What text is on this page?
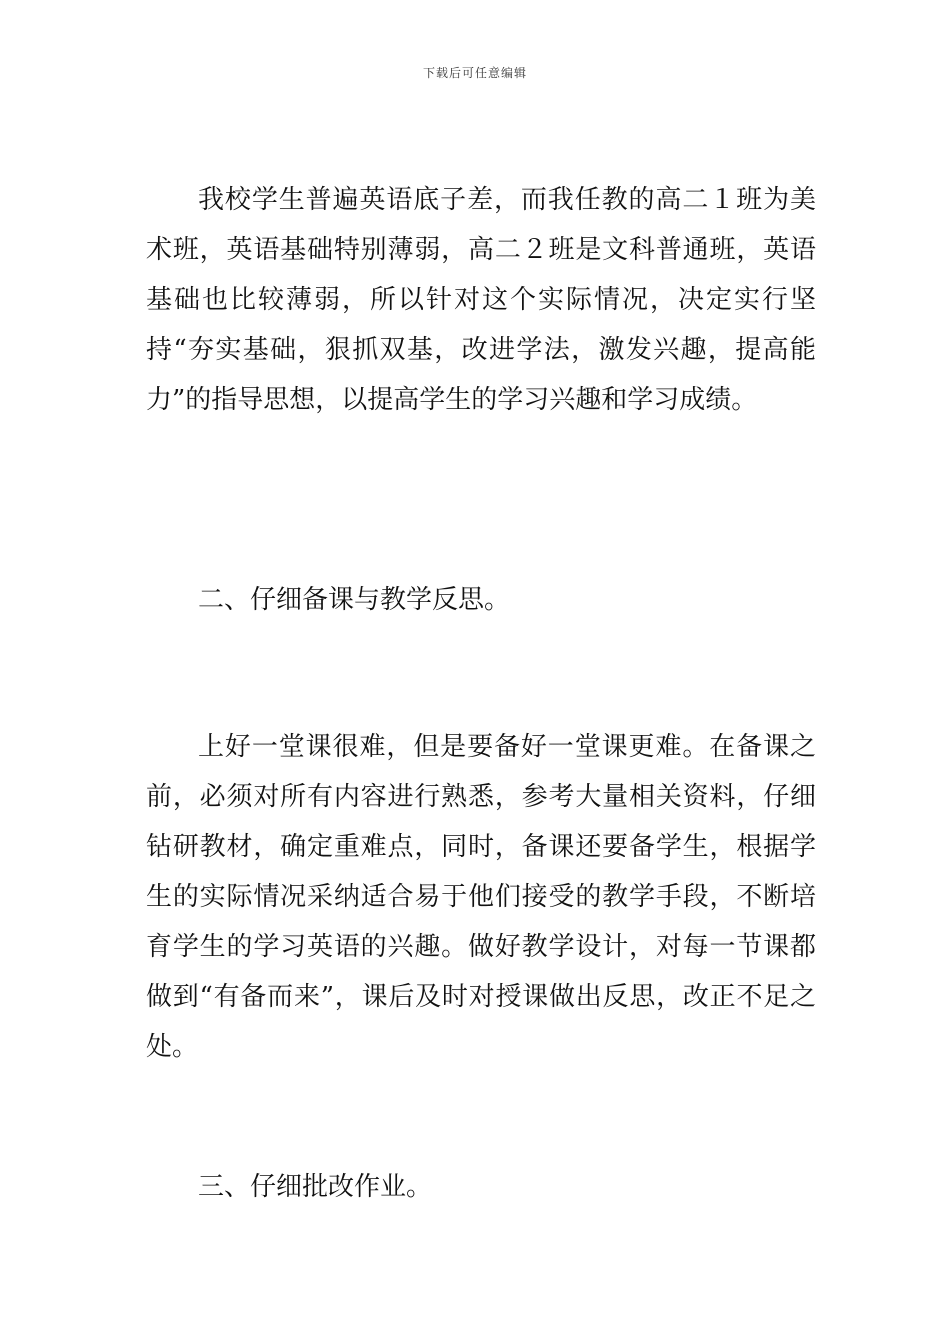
下载后可任意编辑

我校学生普遍英语底子差，而我任教的高二１班为美术班，英语基础特别薄弱，高二２班是文科普通班，英语基础也比较薄弱，所以针对这个实际情况，决定实行坚持“夯实基础，狠抓双基，改进学法，激发兴趣，提高能力”的指导思想，以提高学生的学习兴趣和学习成绩。

二、仔细备课与教学反思。

上好一堂课很难，但是要备好一堂课更难。在备课之前，必须对所有内容进行熟悉，参考大量相关资料，仔细钻研教材，确定重难点，同时，备课还要备学生，根据学生的实际情况采纳适合易于他们接受的教学手段，不断培育学生的学习英语的兴趣。做好教学设计，对每一节课都做到“有备而来”，课后及时对授课做出反思，改正不足之处。

三、仔细批改作业。
